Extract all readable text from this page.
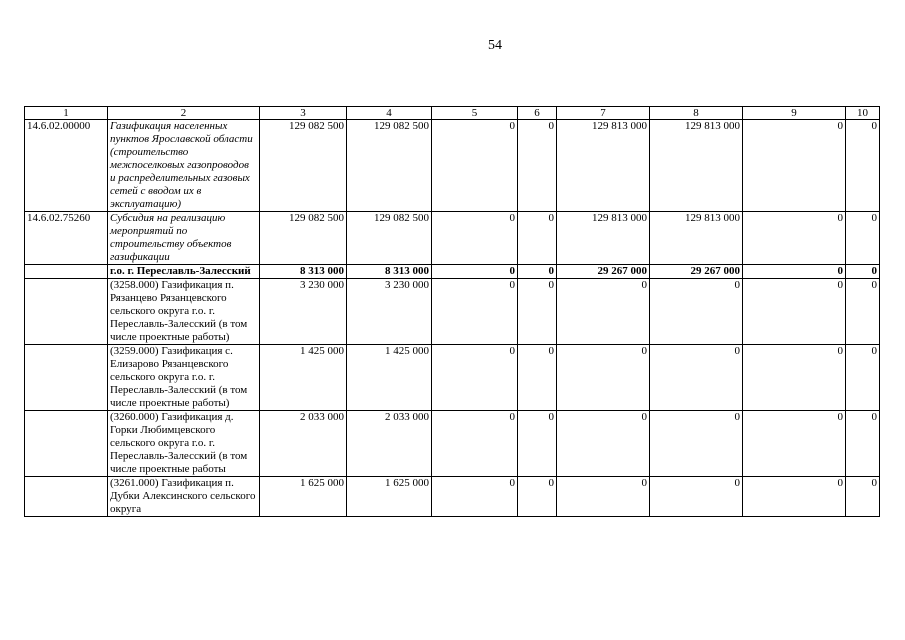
54
1	2	3	4	5	6	7	8	9	10
14.6.02.00000	Газификация населенных пунктов Ярославской области (строительство межпоселковых газопроводов и распределительных газовых сетей с вводом их в эксплуатацию)	129 082 500	129 082 500	0	0	129 813 000	129 813 000	0	0
14.6.02.75260	Субсидия на реализацию мероприятий по строительству объектов газификации	129 082 500	129 082 500	0	0	129 813 000	129 813 000	0	0
	г.о. г. Переславль-Залесский	8 313 000	8 313 000	0	0	29 267 000	29 267 000	0	0
	(3258.000) Газификация п. Рязанцево Рязанцевского сельского округа г.о. г. Переславль-Залесский (в том числе проектные работы)	3 230 000	3 230 000	0	0	0	0	0	0
	(3259.000) Газификация с. Елизарово Рязанцевского сельского округа г.о. г. Переславль-Залесский (в том числе проектные работы)	1 425 000	1 425 000	0	0	0	0	0	0
	(3260.000) Газификация д. Горки Любимцевского сельского округа г.о. г. Переславль-Залесский (в том числе проектные работы	2 033 000	2 033 000	0	0	0	0	0	0
	(3261.000) Газификация п. Дубки Алексинского сельского округа	1 625 000	1 625 000	0	0	0	0	0	0
